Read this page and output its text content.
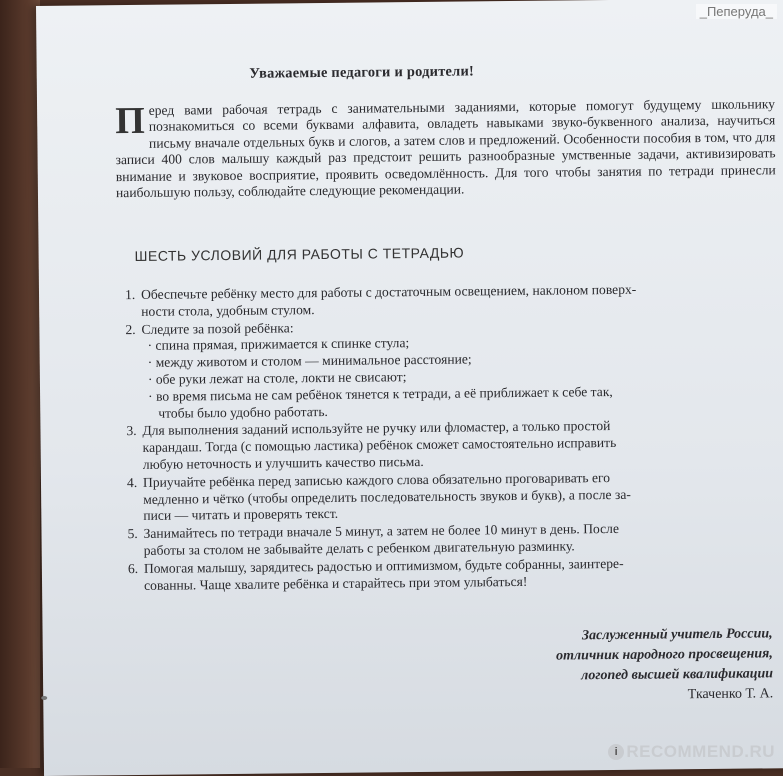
Уважаемые педагоги и родители!
Перед вами рабочая тетрадь с занимательными заданиями, которые помогут будущему школьнику познакомиться со всеми буквами алфавита, овладеть навыками звуко-буквенного анализа, научиться письму вначале отдельных букв и слогов, а затем слов и предложений. Особенности пособия в том, что для записи 400 слов малышу каждый раз предстоит решить разнообразные умственные задачи, активизировать внимание и звуковое восприятие, проявить осведомлённость. Для того чтобы занятия по тетради принесли наибольшую пользу, соблюдайте следующие рекомендации.
ШЕСТЬ УСЛОВИЙ ДЛЯ РАБОТЫ С ТЕТРАДЬЮ
1. Обеспечьте ребёнку место для работы с достаточным освещением, наклоном поверх-
ности стола, удобным стулом.
2. Следите за позой ребёнка:
· спина прямая, прижимается к спинке стула;
· между животом и столом — минимальное расстояние;
· обе руки лежат на столе, локти не свисают;
· во время письма не сам ребёнок тянется к тетради, а её приближает к себе так,
чтобы было удобно работать.
3. Для выполнения заданий используйте не ручку или фломастер, а только простой
карандаш. Тогда (с помощью ластика) ребёнок сможет самостоятельно исправить
любую неточность и улучшить качество письма.
4. Приучайте ребёнка перед записью каждого слова обязательно проговаривать его
медленно и чётко (чтобы определить последовательность звуков и букв), а после за-
писи — читать и проверять текст.
5. Занимайтесь по тетради вначале 5 минут, а затем не более 10 минут в день. После
работы за столом не забывайте делать с ребенком двигательную разминку.
6. Помогая малышу, зарядитесь радостью и оптимизмом, будьте собранны, заинтере-
сованны. Чаще хвалите ребёнка и старайтесь при этом улыбаться!
Заслуженный учитель России,
отличник народного просвещения,
логопед высшей квалификации
Ткаченко Т. А.
_Пеперуда_
i RECOMMEND.RU
